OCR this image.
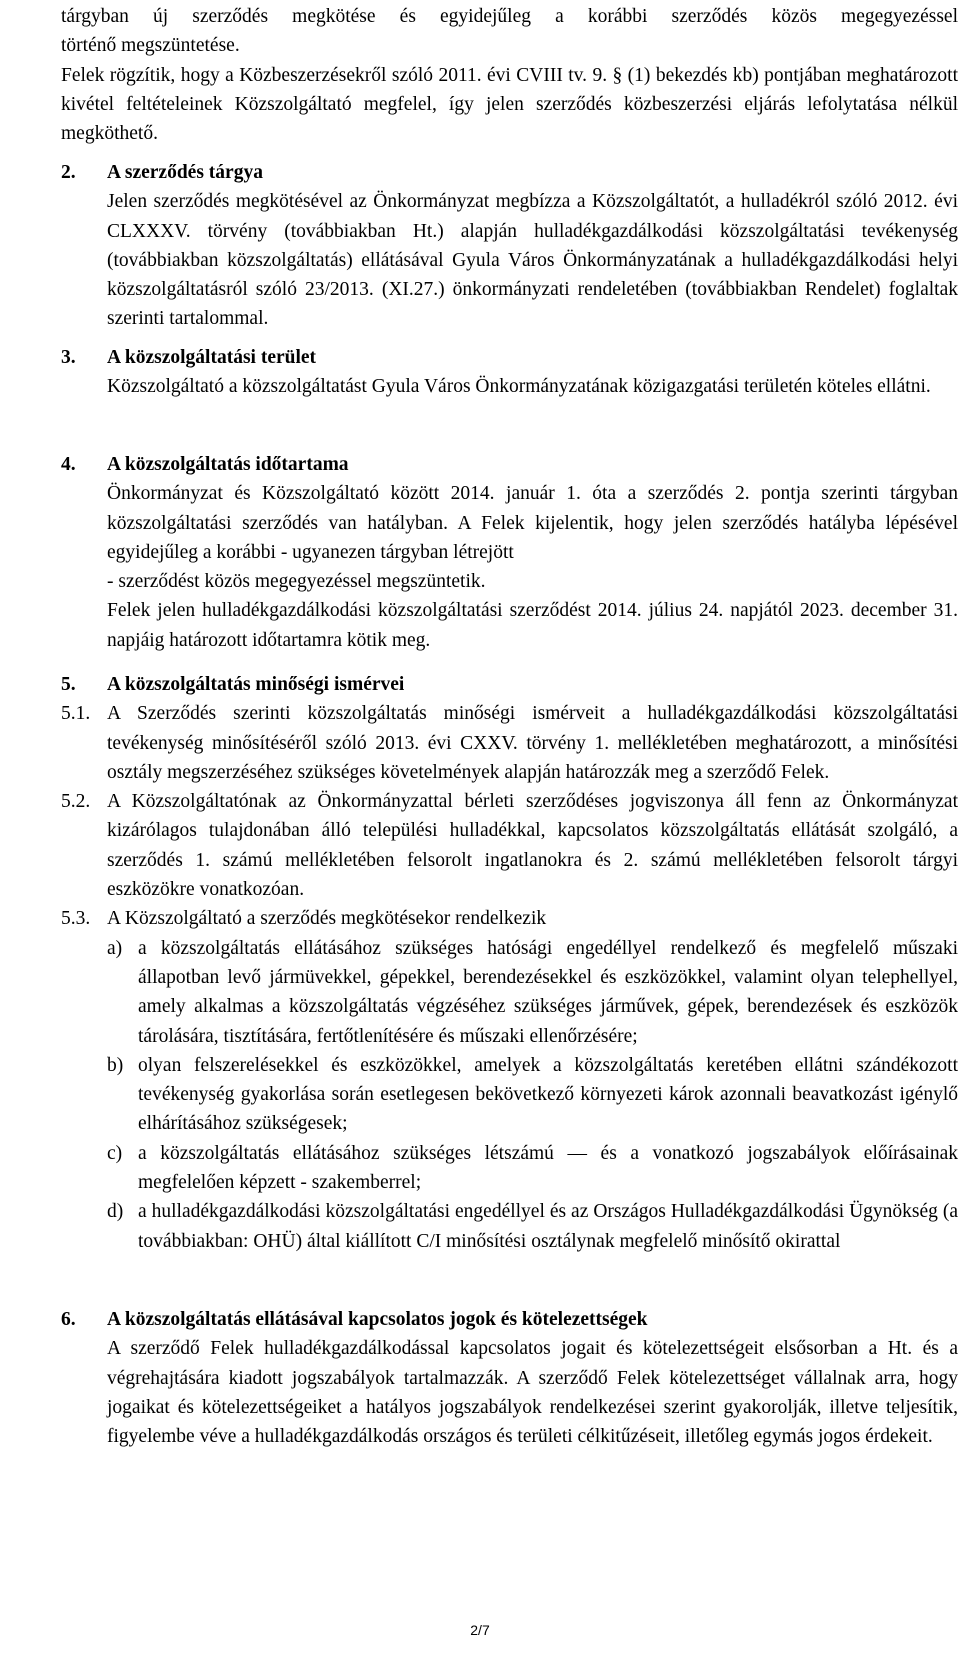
tárgyban új szerződés megkötése és egyidejűleg a korábbi szerződés közös megegyezéssel

történő megszüntetése.

Felek rögzítik, hogy a Közbeszerzésekről szóló 2011. évi CVIII tv. 9. § (1) bekezdés kb) pontjában meghatározott kivétel feltételeinek Közszolgáltató megfelel, így jelen szerződés közbeszerzési eljárás lefolytatása nélkül megköthető.

2. A szerződés tárgya

Jelen szerződés megkötésével az Önkormányzat megbízza a Közszolgáltatót, a hulladékról szóló 2012. évi CLXXXV. törvény (továbbiakban Ht.) alapján hulladékgazdálkodási közszolgáltatási tevékenység (továbbiakban közszolgáltatás) ellátásával Gyula Város Önkormányzatának a hulladékgazdálkodási helyi közszolgáltatásról szóló 23/2013. (XI.27.) önkormányzati rendeletében (továbbiakban Rendelet) foglaltak szerinti tartalommal.

3. A közszolgáltatási terület

Közszolgáltató a közszolgáltatást Gyula Város Önkormányzatának közigazgatási területén köteles ellátni.

4. A közszolgáltatás időtartama

Önkormányzat és Közszolgáltató között 2014. január 1. óta a szerződés 2. pontja szerinti tárgyban közszolgáltatási szerződés van hatályban. A Felek kijelentik, hogy jelen szerződés hatályba lépésével egyidejűleg a korábbi - ugyanezen tárgyban létrejött

- szerződést közös megegyezéssel megszüntetik.

Felek jelen hulladékgazdálkodási közszolgáltatási szerződést 2014. július 24. napjától 2023. december 31. napjáig határozott időtartamra kötik meg.

5. A közszolgáltatás minőségi ismérvei

5.1. A Szerződés szerinti közszolgáltatás minőségi ismérveit a hulladékgazdálkodási közszolgáltatási tevékenység minősítéséről szóló 2013. évi CXXV. törvény 1. mellékletében meghatározott, a minősítési osztály megszerzéséhez szükséges követelmények alapján határozzák meg a szerződő Felek.
5.2. A Közszolgáltatónak az Önkormányzattal bérleti szerződéses jogviszonya áll fenn az Önkormányzat kizárólagos tulajdonában álló települési hulladékkal, kapcsolatos közszolgáltatás ellátását szolgáló, a szerződés 1. számú mellékletében felsorolt ingatlanokra és 2. számú mellékletében felsorolt tárgyi eszközökre vonatkozóan.
5.3. A Közszolgáltató a szerződés megkötésekor rendelkezik
a) a közszolgáltatás ellátásához szükséges hatósági engedéllyel rendelkező és megfelelő műszaki állapotban levő jármüvekkel, gépekkel, berendezésekkel és eszközökkel, valamint olyan telephellyel, amely alkalmas a közszolgáltatás végzéséhez szükséges járművek, gépek, berendezések és eszközök tárolására, tisztítására, fertőtlenítésére és műszaki ellenőrzésére;
b) olyan felszerelésekkel és eszközökkel, amelyek a közszolgáltatás keretében ellátni szándékozott tevékenység gyakorlása során esetlegesen bekövetkező környezeti károk azonnali beavatkozást igénylő elhárításához szükségesek;
c) a közszolgáltatás ellátásához szükséges létszámú — és a vonatkozó jogszabályok előírásainak megfelelően képzett - szakemberrel;
d) a hulladékgazdálkodási közszolgáltatási engedéllyel és az Országos Hulladékgazdálkodási Ügynökség (a továbbiakban: OHÜ) által kiállított C/I minősítési osztálynak megfelelő minősítő okirattal

6. A közszolgáltatás ellátásával kapcsolatos jogok és kötelezettségek

A szerződő Felek hulladékgazdálkodással kapcsolatos jogait és kötelezettségeit elsősorban a Ht. és a végrehajtására kiadott jogszabályok tartalmazzák. A szerződő Felek kötelezettséget vállalnak arra, hogy jogaikat és kötelezettségeiket a hatályos jogszabályok rendelkezései szerint gyakorolják, illetve teljesítik, figyelembe véve a hulladékgazdálkodás országos és területi célkitűzéseit, illetőleg egymás jogos érdekeit.

2/7
